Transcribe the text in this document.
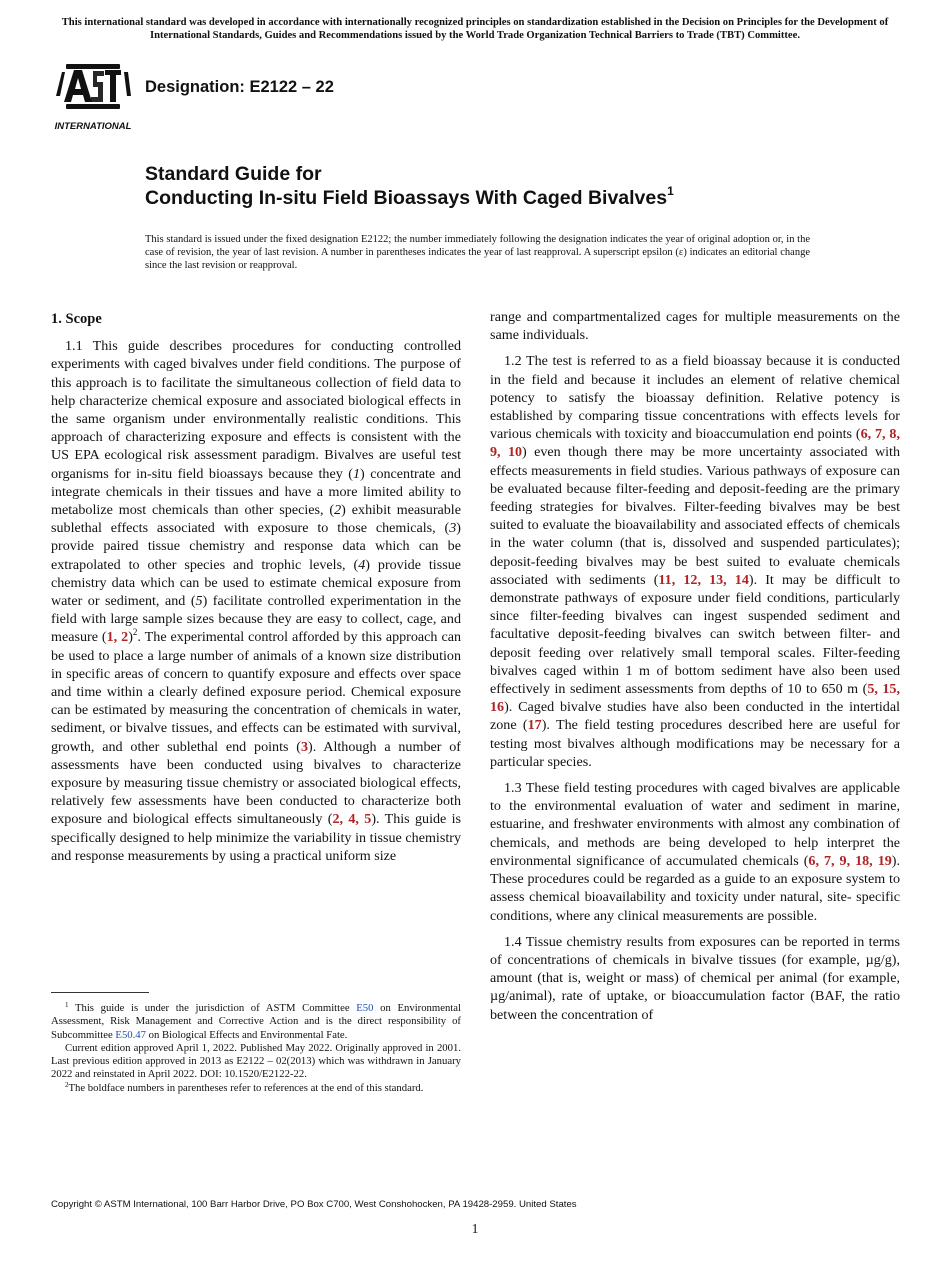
This international standard was developed in accordance with internationally recognized principles on standardization established in the Decision on Principles for the Development of International Standards, Guides and Recommendations issued by the World Trade Organization Technical Barriers to Trade (TBT) Committee.
INTERNATIONAL
Designation: E2122 – 22
Standard Guide for
Conducting In-situ Field Bioassays With Caged Bivalves$^1$
This standard is issued under the fixed designation E2122; the number immediately following the designation indicates the year of original adoption or, in the case of revision, the year of last revision. A number in parentheses indicates the year of last reapproval. A superscript epsilon (ε) indicates an editorial change since the last revision or reapproval.
1. Scope

1.1 This guide describes procedures for conducting controlled experiments with caged bivalves under field conditions. The purpose of this approach is to facilitate the simultaneous collection of field data to help characterize chemical exposure and associated biological effects in the same organism under environmentally realistic conditions. This approach of characterizing exposure and effects is consistent with the US EPA ecological risk assessment paradigm. Bivalves are useful test organisms for in-situ field bioassays because they (1) concentrate and integrate chemicals in their tissues and have a more limited ability to metabolize most chemicals than other species, (2) exhibit measurable sublethal effects associated with exposure to those chemicals, (3) provide paired tissue chemistry and response data which can be extrapolated to other species and trophic levels, (4) provide tissue chemistry data which can be used to estimate chemical exposure from water or sediment, and (5) facilitate controlled experimentation in the field with large sample sizes because they are easy to collect, cage, and measure (1, 2)$^2$. The experimental control afforded by this approach can be used to place a large number of animals of a known size distribution in specific areas of concern to quantify exposure and effects over space and time within a clearly defined exposure period. Chemical exposure can be estimated by measuring the concentration of chemicals in water, sediment, or bivalve tissues, and effects can be estimated with survival, growth, and other sublethal end points (3). Although a number of assessments have been conducted using bivalves to characterize exposure by measuring tissue chemistry or associated biological effects, relatively few assessments have been conducted to characterize both exposure and biological effects simultaneously (2, 4, 5). This guide is specifically designed to help minimize the variability in tissue chemistry and response measurements by using a practical uniform size

range and compartmentalized cages for multiple measurements on the same individuals.

1.2 The test is referred to as a field bioassay because it is conducted in the field and because it includes an element of relative chemical potency to satisfy the bioassay definition. Relative potency is established by comparing tissue concentrations with effects levels for various chemicals with toxicity and bioaccumulation end points (6, 7, 8, 9, 10) even though there may be more uncertainty associated with effects measurements in field studies. Various pathways of exposure can be evaluated because filter-feeding and deposit-feeding are the primary feeding strategies for bivalves. Filter-feeding bivalves may be best suited to evaluate the bioavailability and associated effects of chemicals in the water column (that is, dissolved and suspended particulates); deposit-feeding bivalves may be best suited to evaluate chemicals associated with sediments (11, 12, 13, 14). It may be difficult to demonstrate pathways of exposure under field conditions, particularly since filter-feeding bivalves can ingest suspended sediment and facultative deposit-feeding bivalves can switch between filter- and deposit feeding over relatively small temporal scales. Filter-feeding bivalves caged within 1 m of bottom sediment have also been used effectively in sediment assessments from depths of 10 to 650 m (5, 15, 16). Caged bivalve studies have also been conducted in the intertidal zone (17). The field testing procedures described here are useful for testing most bivalves although modifications may be necessary for a particular species.

1.3 These field testing procedures with caged bivalves are applicable to the environmental evaluation of water and sediment in marine, estuarine, and freshwater environments with almost any combination of chemicals, and methods are being developed to help interpret the environmental significance of accumulated chemicals (6, 7, 9, 18, 19). These procedures could be regarded as a guide to an exposure system to assess chemical bioavailability and toxicity under natural, site- specific conditions, where any clinical measurements are possible.

1.4 Tissue chemistry results from exposures can be reported in terms of concentrations of chemicals in bivalve tissues (for example, µg/g), amount (that is, weight or mass) of chemical per animal (for example, µg/animal), rate of uptake, or bioaccumulation factor (BAF, the ratio between the concentration of

$^1$ This guide is under the jurisdiction of ASTM Committee E50 on Environmental Assessment, Risk Management and Corrective Action and is the direct responsibility of Subcommittee E50.47 on Biological Effects and Environmental Fate.

Current edition approved April 1, 2022. Published May 2022. Originally approved in 2001. Last previous edition approved in 2013 as E2122 – 02(2013) which was withdrawn in January 2022 and reinstated in April 2022. DOI: 10.1520/E2122-22.

$^2$The boldface numbers in parentheses refer to references at the end of this standard.

Copyright © ASTM International, 100 Barr Harbor Drive, PO Box C700, West Conshohocken, PA 19428-2959. United States
1
